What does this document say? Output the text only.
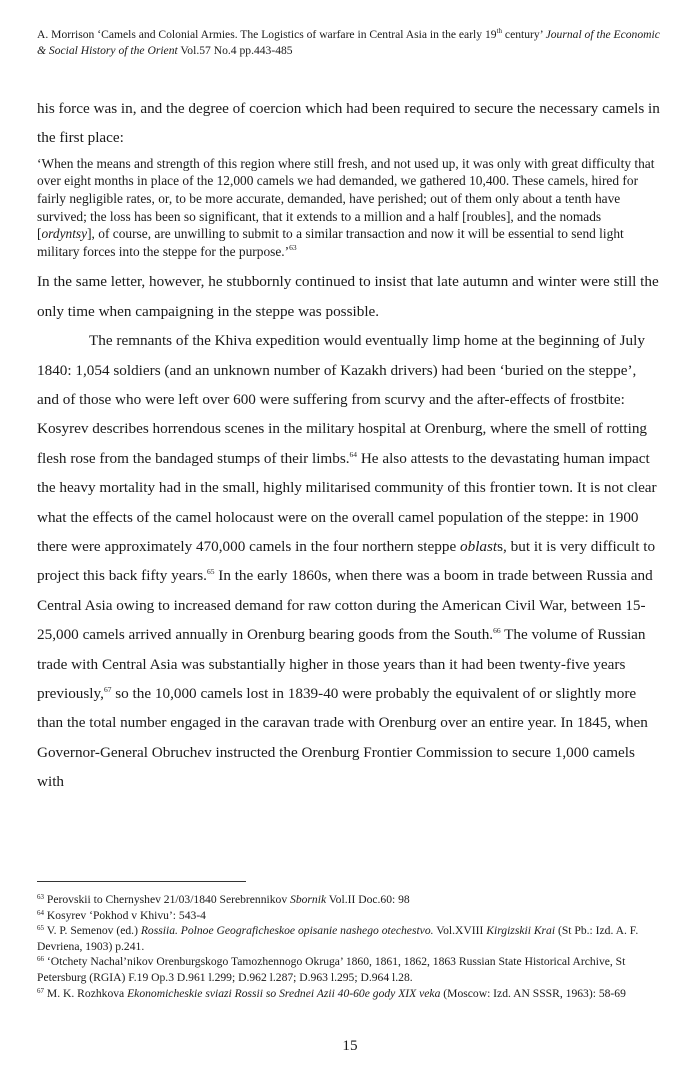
A. Morrison ‘Camels and Colonial Armies. The Logistics of warfare in Central Asia in the early 19th century’ Journal of the Economic & Social History of the Orient Vol.57 No.4 pp.443-485

his force was in, and the degree of coercion which had been required to secure the necessary camels in the first place:

‘When the means and strength of this region where still fresh, and not used up, it was only with great difficulty that over eight months in place of the 12,000 camels we had demanded, we gathered 10,400. These camels, hired for fairly negligible rates, or, to be more accurate, demanded, have perished; out of them only about a tenth have survived; the loss has been so significant, that it extends to a million and a half [roubles], and the nomads [ordyntsy], of course, are unwilling to submit to a similar transaction and now it will be essential to send light military forces into the steppe for the purpose.’$^{63}$

In the same letter, however, he stubbornly continued to insist that late autumn and winter were still the only time when campaigning in the steppe was possible.

The remnants of the Khiva expedition would eventually limp home at the beginning of July 1840: 1,054 soldiers (and an unknown number of Kazakh drivers) had been ‘buried on the steppe’, and of those who were left over 600 were suffering from scurvy and the after-effects of frostbite: Kosyrev describes horrendous scenes in the military hospital at Orenburg, where the smell of rotting flesh rose from the bandaged stumps of their limbs.$^{64}$ He also attests to the devastating human impact the heavy mortality had in the small, highly militarised community of this frontier town. It is not clear what the effects of the camel holocaust were on the overall camel population of the steppe: in 1900 there were approximately 470,000 camels in the four northern steppe oblasts, but it is very difficult to project this back fifty years.$^{65}$ In the early 1860s, when there was a boom in trade between Russia and Central Asia owing to increased demand for raw cotton during the American Civil War, between 15-25,000 camels arrived annually in Orenburg bearing goods from the South.$^{66}$ The volume of Russian trade with Central Asia was substantially higher in those years than it had been twenty-five years previously,$^{67}$ so the 10,000 camels lost in 1839-40 were probably the equivalent of or slightly more than the total number engaged in the caravan trade with Orenburg over an entire year. In 1845, when Governor-General Obruchev instructed the Orenburg Frontier Commission to secure 1,000 camels with

$^{63}$ Perovskii to Chernyshev 21/03/1840 Serebrennikov Sbornik Vol.II Doc.60: 98

$^{64}$ Kosyrev ‘Pokhod v Khivu’: 543-4

$^{65}$ V. P. Semenov (ed.) Rossiia. Polnoe Geograficheskoe opisanie nashego otechestvo. Vol.XVIII Kirgizskii Krai (St Pb.: Izd. A. F. Devriena, 1903) p.241.

$^{66}$ ‘Otchety Nachal’nikov Orenburgskogo Tamozhennogo Okruga’ 1860, 1861, 1862, 1863 Russian State Historical Archive, St Petersburg (RGIA) F.19 Op.3 D.961 l.299; D.962 l.287; D.963 l.295; D.964 l.28.

$^{67}$ M. K. Rozhkova Ekonomicheskie sviazi Rossii so Srednei Azii 40-60e gody XIX veka (Moscow: Izd. AN SSSR, 1963): 58-69

15
